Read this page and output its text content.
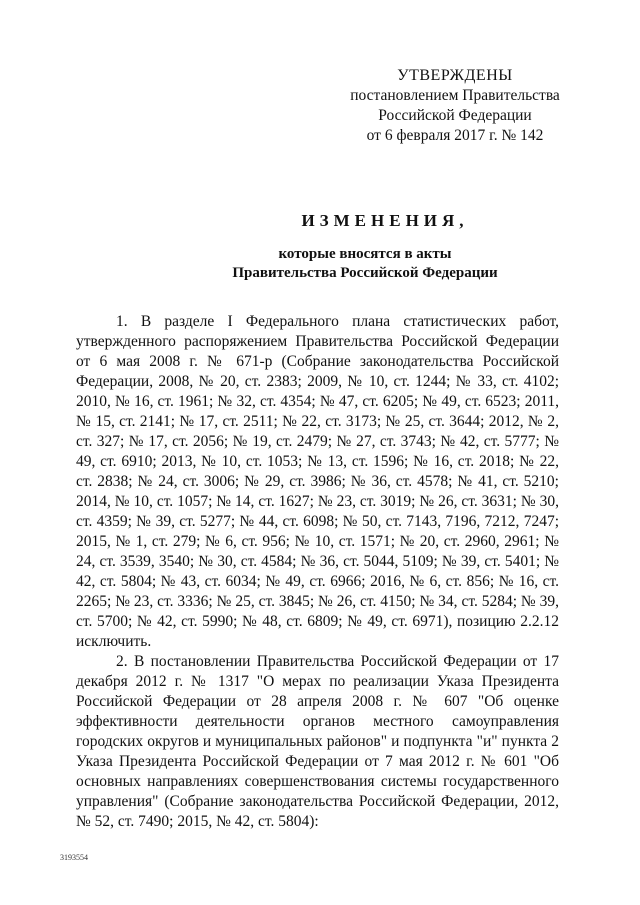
УТВЕРЖДЕНЫ
постановлением Правительства
Российской Федерации
от 6 февраля 2017 г. № 142
ИЗМЕНЕНИЯ,
которые вносятся в акты
Правительства Российской Федерации

1. В разделе I Федерального плана статистических работ, утвержденного распоряжением Правительства Российской Федерации от 6 мая 2008 г. № 671-р (Собрание законодательства Российской Федерации, 2008, № 20, ст. 2383; 2009, № 10, ст. 1244; № 33, ст. 4102; 2010, № 16, ст. 1961; № 32, ст. 4354; № 47, ст. 6205; № 49, ст. 6523; 2011, № 15, ст. 2141; № 17, ст. 2511; № 22, ст. 3173; № 25, ст. 3644; 2012, № 2, ст. 327; № 17, ст. 2056; № 19, ст. 2479; № 27, ст. 3743; № 42, ст. 5777; № 49, ст. 6910; 2013, № 10, ст. 1053; № 13, ст. 1596; № 16, ст. 2018; № 22, ст. 2838; № 24, ст. 3006; № 29, ст. 3986; № 36, ст. 4578; № 41, ст. 5210; 2014, № 10, ст. 1057; № 14, ст. 1627; № 23, ст. 3019; № 26, ст. 3631; № 30, ст. 4359; № 39, ст. 5277; № 44, ст. 6098; № 50, ст. 7143, 7196, 7212, 7247; 2015, № 1, ст. 279; № 6, ст. 956; № 10, ст. 1571; № 20, ст. 2960, 2961; № 24, ст. 3539, 3540; № 30, ст. 4584; № 36, ст. 5044, 5109; № 39, ст. 5401; № 42, ст. 5804; № 43, ст. 6034; № 49, ст. 6966; 2016, № 6, ст. 856; № 16, ст. 2265; № 23, ст. 3336; № 25, ст. 3845; № 26, ст. 4150; № 34, ст. 5284; № 39, ст. 5700; № 42, ст. 5990; № 48, ст. 6809; № 49, ст. 6971), позицию 2.2.12 исключить.

2. В постановлении Правительства Российской Федерации от 17 декабря 2012 г. № 1317 "О мерах по реализации Указа Президента Российской Федерации от 28 апреля 2008 г. № 607 "Об оценке эффективности деятельности органов местного самоуправления городских округов и муниципальных районов" и подпункта "и" пункта 2 Указа Президента Российской Федерации от 7 мая 2012 г. № 601 "Об основных направлениях совершенствования системы государственного управления" (Собрание законодательства Российской Федерации, 2012, № 52, ст. 7490; 2015, № 42, ст. 5804):

3193554
